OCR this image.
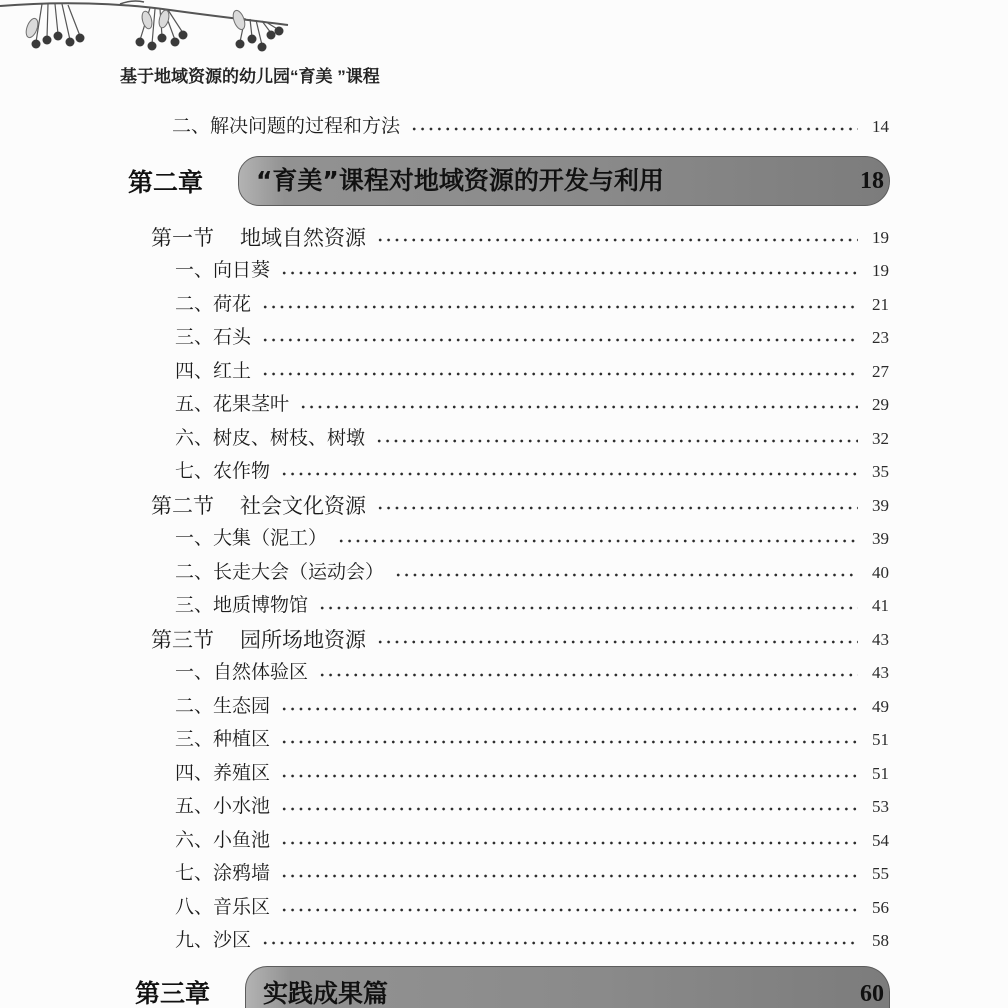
基于地域资源的幼儿园“育美 ”课程
二、解决问题的过程和方法	14
第二章 “育美”课程对地域资源的开发与利用	18
第一节 地域自然资源	19
一、向日葵	19
二、荷花	21
三、石头	23
四、红土	27
五、花果茎叶	29
六、树皮、树枝、树墩	32
七、农作物	35
第二节 社会文化资源	39
一、大集（泥工）	39
二、长走大会（运动会）	40
三、地质博物馆	41
第三节 园所场地资源	43
一、自然体验区	43
二、生态园	49
三、种植区	51
四、养殖区	51
五、小水池	53
六、小鱼池	54
七、涂鸦墙	55
八、音乐区	56
九、沙区	58
第三章 实践成果篇	60
